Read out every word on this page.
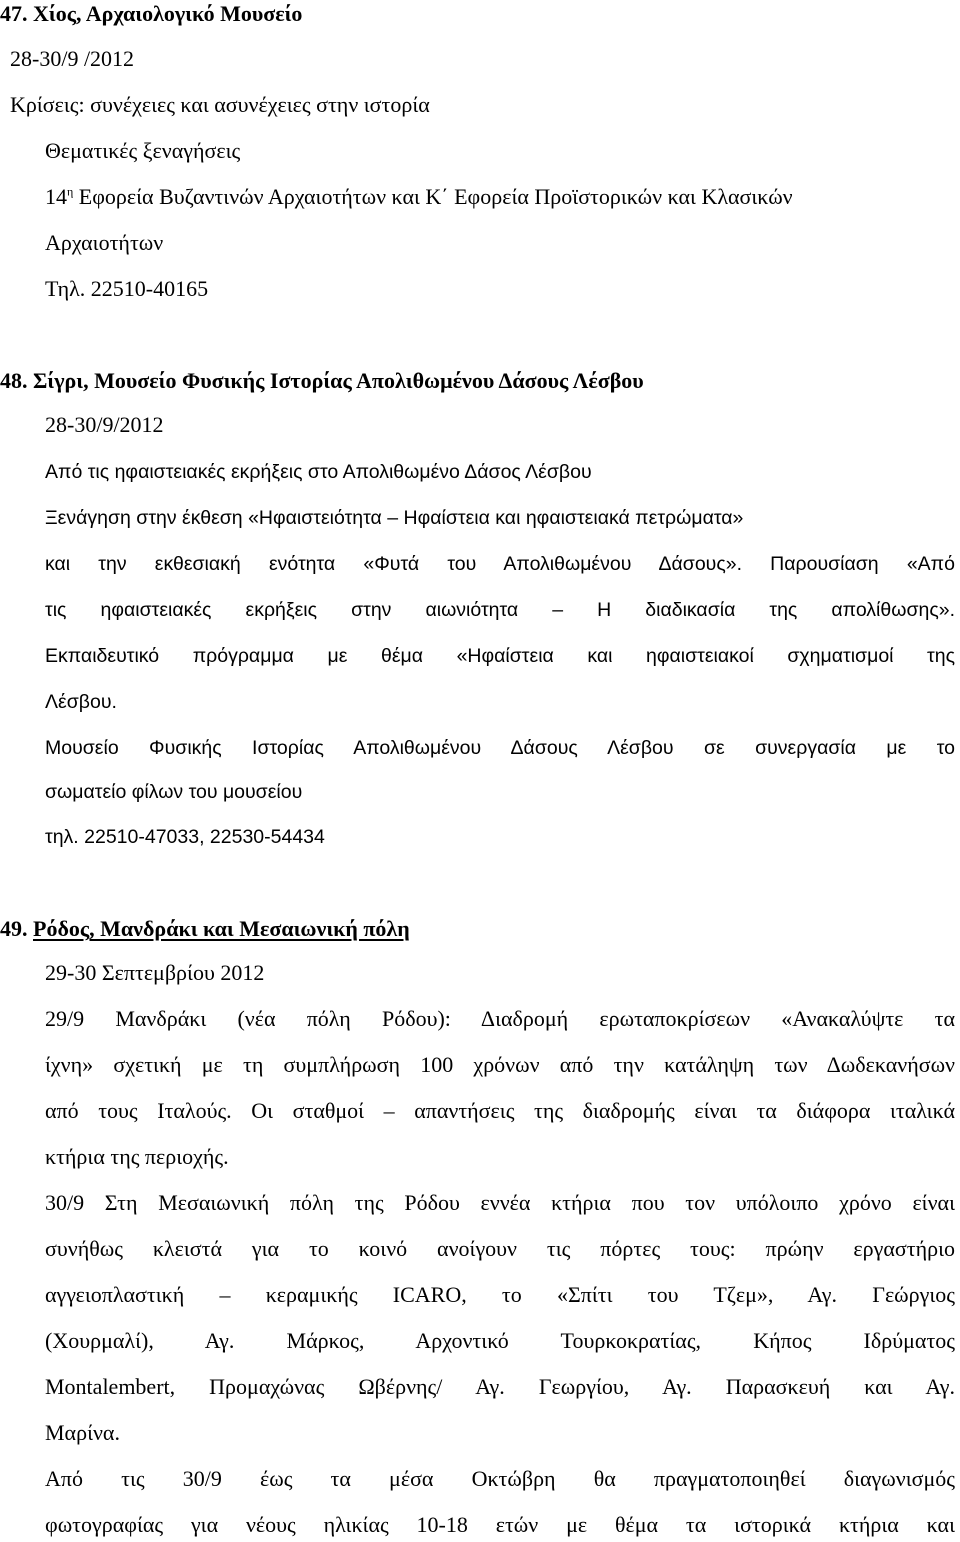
47. Χίος, Αρχαιολογικό Μουσείο
28-30/9 /2012
Κρίσεις: συνέχειες και ασυνέχειες στην ιστορία
Θεματικές ξεναγήσεις
$14^\eta$ Εφορεία Βυζαντινών Αρχαιοτήτων και Κ΄ Εφορεία Προϊστορικών και Κλασικών
Αρχαιοτήτων
Τηλ. 22510-40165
48. Σίγρι, Μουσείο Φυσικής Ιστορίας Απολιθωμένου Δάσους Λέσβου
28-30/9/2012
Από τις ηφαιστειακές εκρήξεις στο Απολιθωμένο Δάσος Λέσβου
Ξενάγηση στην έκθεση «Ηφαιστειότητα – Ηφαίστεια και ηφαιστειακά πετρώματα»
και την εκθεσιακή ενότητα «Φυτά του Απολιθωμένου Δάσους». Παρουσίαση «Από
τις ηφαιστειακές εκρήξεις στην αιωνιότητα – Η διαδικασία της απολίθωσης».
Εκπαιδευτικό πρόγραμμα με θέμα «Ηφαίστεια και ηφαιστειακοί σχηματισμοί της
Λέσβου.
Μουσείο Φυσικής Ιστορίας Απολιθωμένου Δάσους Λέσβου σε συνεργασία με το
σωματείο φίλων του μουσείου
τηλ. 22510-47033, 22530-54434
49. Ρόδος, Μανδράκι και Μεσαιωνική πόλη
29-30 Σεπτεμβρίου 2012
29/9 Μανδράκι (νέα πόλη Ρόδου): Διαδρομή ερωταποκρίσεων «Ανακαλύψτε τα
ίχνη» σχετική με τη συμπλήρωση 100 χρόνων από την κατάληψη των Δωδεκανήσων
από τους Ιταλούς. Οι σταθμοί – απαντήσεις της διαδρομής είναι τα διάφορα ιταλικά
κτήρια της περιοχής.
30/9 Στη Μεσαιωνική πόλη της Ρόδου εννέα κτήρια που τον υπόλοιπο χρόνο είναι
συνήθως κλειστά για το κοινό ανοίγουν τις πόρτες τους: πρώην εργαστήριο
αγγειοπλαστική – κεραμικής ICARO, το «Σπίτι του Τζεμ», Αγ. Γεώργιος
(Χουρμαλί), Αγ. Μάρκος, Αρχοντικό Τουρκοκρατίας, Κήπος Ιδρύματος
Montalembert, Προμαχώνας Ωβέρνης/ Αγ. Γεωργίου, Αγ. Παρασκευή και Αγ.
Μαρίνα.
Από τις 30/9 έως τα μέσα Οκτώβρη θα πραγματοποιηθεί διαγωνισμός
φωτογραφίας για νέους ηλικίας 10-18 ετών με θέμα τα ιστορικά κτήρια και
